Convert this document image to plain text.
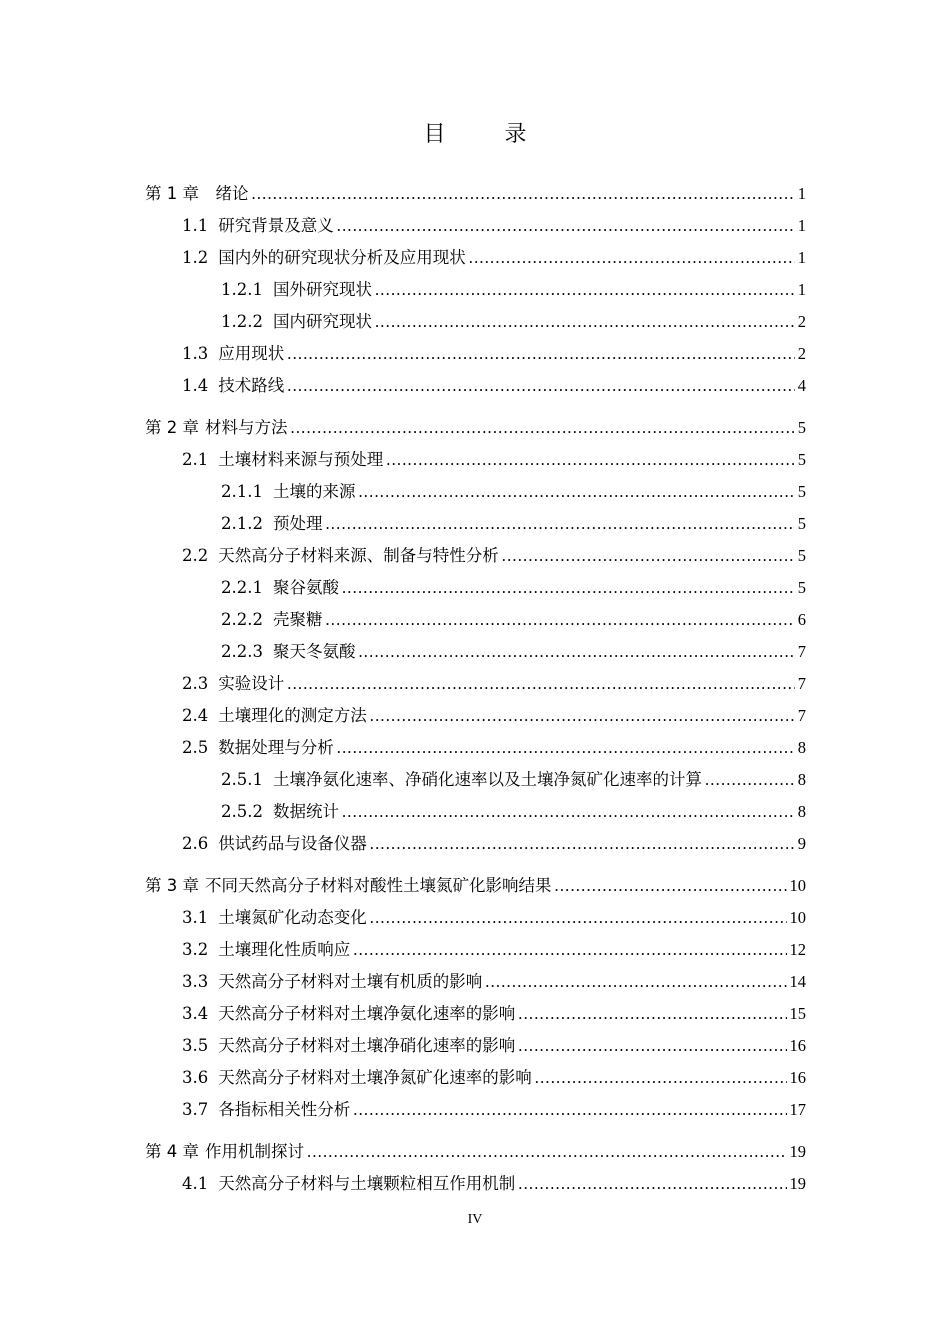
目 录
第 1 章 绪论 .....	1
1.1 研究背景及意义 .....	1
1.2 国内外的研究现状分析及应用现状 .....	1
1.2.1 国外研究现状 .....	1
1.2.2 国内研究现状 .....	2
1.3 应用现状 .....	2
1.4 技术路线 .....	4
第 2 章 材料与方法 .....	5
2.1 土壤材料来源与预处理 .....	5
2.1.1 土壤的来源 .....	5
2.1.2 预处理 .....	5
2.2 天然高分子材料来源、制备与特性分析 .....	5
2.2.1 聚谷氨酸 .....	5
2.2.2 壳聚糖 .....	6
2.2.3 聚天冬氨酸 .....	7
2.3 实验设计 .....	7
2.4 土壤理化的测定方法 .....	7
2.5 数据处理与分析 .....	8
2.5.1 土壤净氨化速率、净硝化速率以及土壤净氮矿化速率的计算 .....	8
2.5.2 数据统计 .....	8
2.6 供试药品与设备仪器 .....	9
第 3 章 不同天然高分子材料对酸性土壤氮矿化影响结果 .....	10
3.1 土壤氮矿化动态变化 .....	10
3.2 土壤理化性质响应 .....	12
3.3 天然高分子材料对土壤有机质的影响 .....	14
3.4 天然高分子材料对土壤净氨化速率的影响 .....	15
3.5 天然高分子材料对土壤净硝化速率的影响 .....	16
3.6 天然高分子材料对土壤净氮矿化速率的影响 .....	16
3.7 各指标相关性分析 .....	17
第 4 章 作用机制探讨 .....	19
4.1 天然高分子材料与土壤颗粒相互作用机制 .....	19
IV
